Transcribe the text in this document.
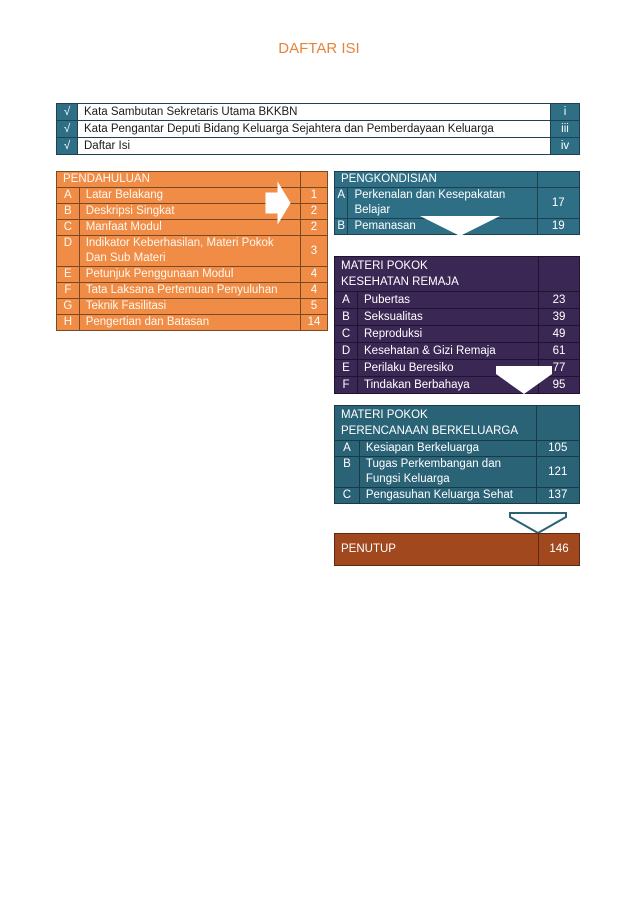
DAFTAR ISI
√	Kata Sambutan Sekretaris Utama BKKBN	i
√	Kata Pengantar Deputi Bidang Keluarga Sejahtera dan Pemberdayaan Keluarga	iii
√	Daftar Isi	iv
PENDAHULUAN		
A	Latar Belakang	1
B	Deskripsi Singkat	2
C	Manfaat Modul	2
D	Indikator Keberhasilan, Materi Pokok Dan Sub Materi	3
E	Petunjuk Penggunaan Modul	4
F	Tata Laksana Pertemuan Penyuluhan	4
G	Teknik Fasilitasi	5
H	Pengertian dan Batasan	14
PENGKONDISIAN		
A	Perkenalan dan Kesepakatan Belajar	17
B	Pemanasan	19
MATERI POKOK
KESEHATAN REMAJA		

A	Pubertas	23
B	Seksualitas	39
C	Reproduksi	49
D	Kesehatan & Gizi Remaja	61
E	Perilaku Beresiko	77
F	Tindakan Berbahaya	95
MATERI POKOK
PERENCANAAN BERKELUARGA		

A	Kesiapan Berkeluarga	105
B	Tugas Perkembangan dan Fungsi Keluarga	121
C	Pengasuhan Keluarga Sehat	137
PENUTUP	146
